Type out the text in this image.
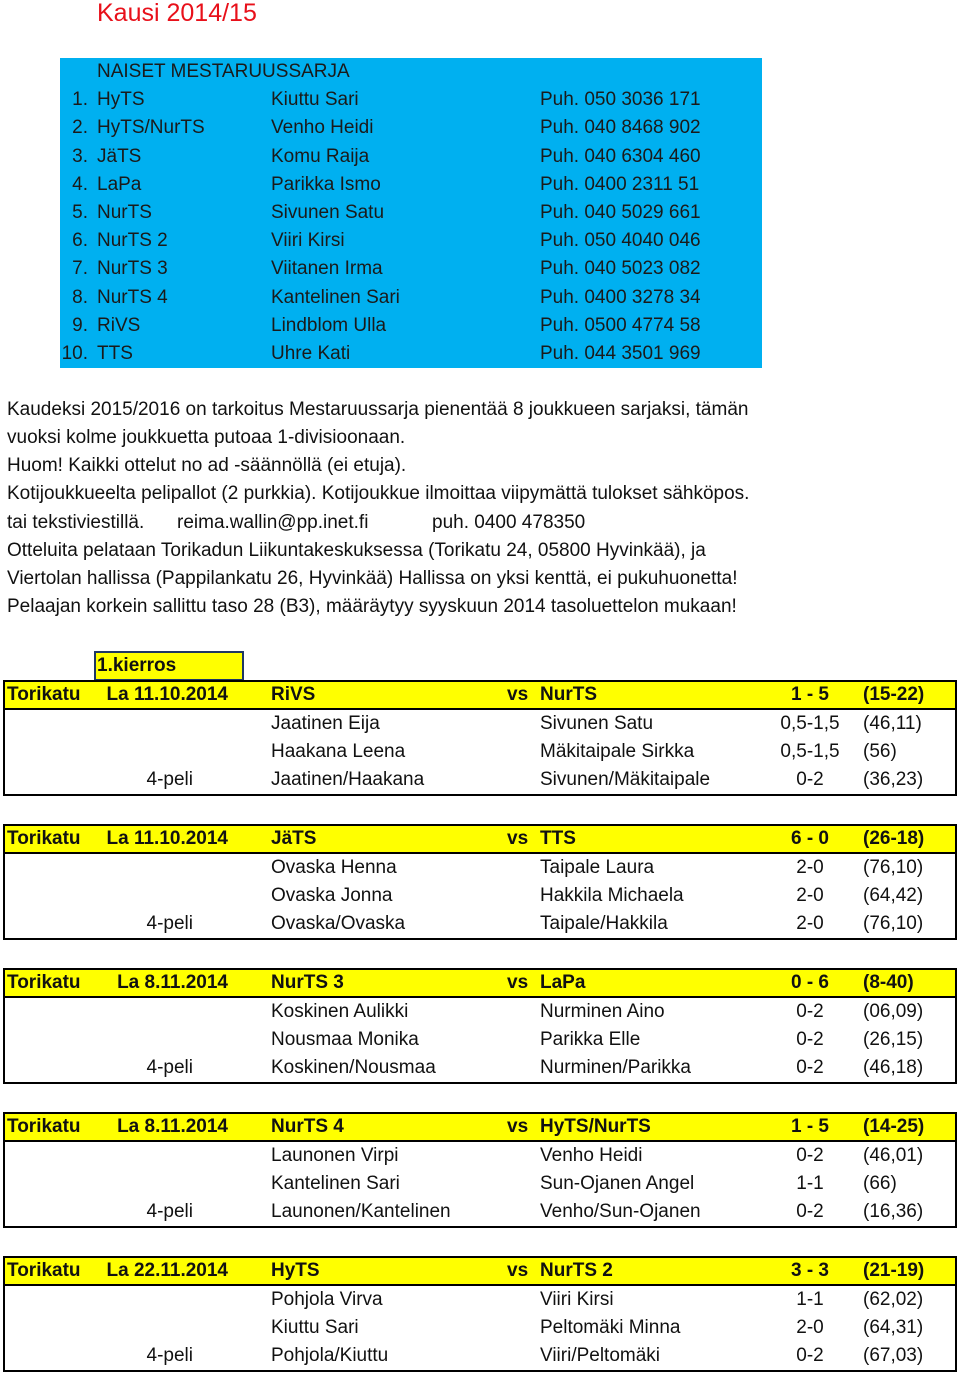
Kausi 2014/15
NAISET MESTARUUSSARJA
1. HyTS	Kiuttu Sari	Puh. 050 3036 171
2. HyTS/NurTS	Venho Heidi	Puh. 040 8468 902
3. JäTS	Komu Raija	Puh. 040 6304 460
4. LaPa	Parikka Ismo	Puh. 0400 2311 51
5. NurTS	Sivunen Satu	Puh. 040 5029 661
6. NurTS 2	Viiri Kirsi	Puh. 050 4040 046
7. NurTS 3	Viitanen Irma	Puh. 040 5023 082
8. NurTS 4	Kantelinen Sari	Puh. 0400 3278 34
9. RiVS	Lindblom Ulla	Puh. 0500 4774 58
10. TTS	Uhre Kati	Puh. 044 3501 969
Kaudeksi 2015/2016 on tarkoitus Mestaruussarja pienentää 8 joukkueen sarjaksi, tämän
vuoksi kolme joukkuetta putoaa 1-divisioonaan.
Huom! Kaikki ottelut no ad -säännöllä (ei etuja).
Kotijoukkueelta pelipallot (2 purkkia). Kotijoukkue ilmoittaa viipymättä tulokset sähköpos.
tai tekstiviestillä. reima.wallin@pp.inet.fi	puh. 0400 478350
Otteluita pelataan Torikadun Liikuntakeskuksessa (Torikatu 24, 05800 Hyvinkää), ja
Viertolan hallissa (Pappilankatu 26, Hyvinkää) Hallissa on yksi kenttä, ei pukuhuonetta!
Pelaajan korkein sallittu taso 28 (B3), määräytyy syyskuun 2014 tasoluettelon mukaan!
1.kierros
Torikatu La 11.10.2014 RiVS	vs NurTS	1 - 5	(15-22)
Jaatinen Eija	Sivunen Satu	0,5-1,5	(46,11)
Haakana Leena	Mäkitaipale Sirkka	0,5-1,5	(56)
4-peli	Jaatinen/Haakana	Sivunen/Mäkitaipale	0-2	(36,23)
Torikatu La 11.10.2014 JäTS	vs TTS	6 - 0	(26-18)
Ovaska Henna	Taipale Laura	2-0	(76,10)
Ovaska Jonna	Hakkila Michaela	2-0	(64,42)
4-peli	Ovaska/Ovaska	Taipale/Hakkila	2-0	(76,10)
Torikatu	La 8.11.2014 NurTS 3	vs LaPa	0 - 6	(8-40)
Koskinen Aulikki	Nurminen Aino	0-2	(06,09)
Nousmaa Monika	Parikka Elle	0-2	(26,15)
4-peli	Koskinen/Nousmaa	Nurminen/Parikka	0-2	(46,18)
Torikatu	La 8.11.2014 NurTS 4	vs HyTS/NurTS	1 - 5	(14-25)
Launonen Virpi	Venho Heidi	0-2	(46,01)
Kantelinen Sari	Sun-Ojanen Angel	1-1	(66)
4-peli	Launonen/Kantelinen	Venho/Sun-Ojanen	0-2	(16,36)
Torikatu La 22.11.2014 HyTS	vs NurTS 2	3 - 3	(21-19)
Pohjola Virva	Viiri Kirsi	1-1	(62,02)
Kiuttu Sari	Peltomäki Minna	2-0	(64,31)
4-peli	Pohjola/Kiuttu	Viiri/Peltomäki	0-2	(67,03)
